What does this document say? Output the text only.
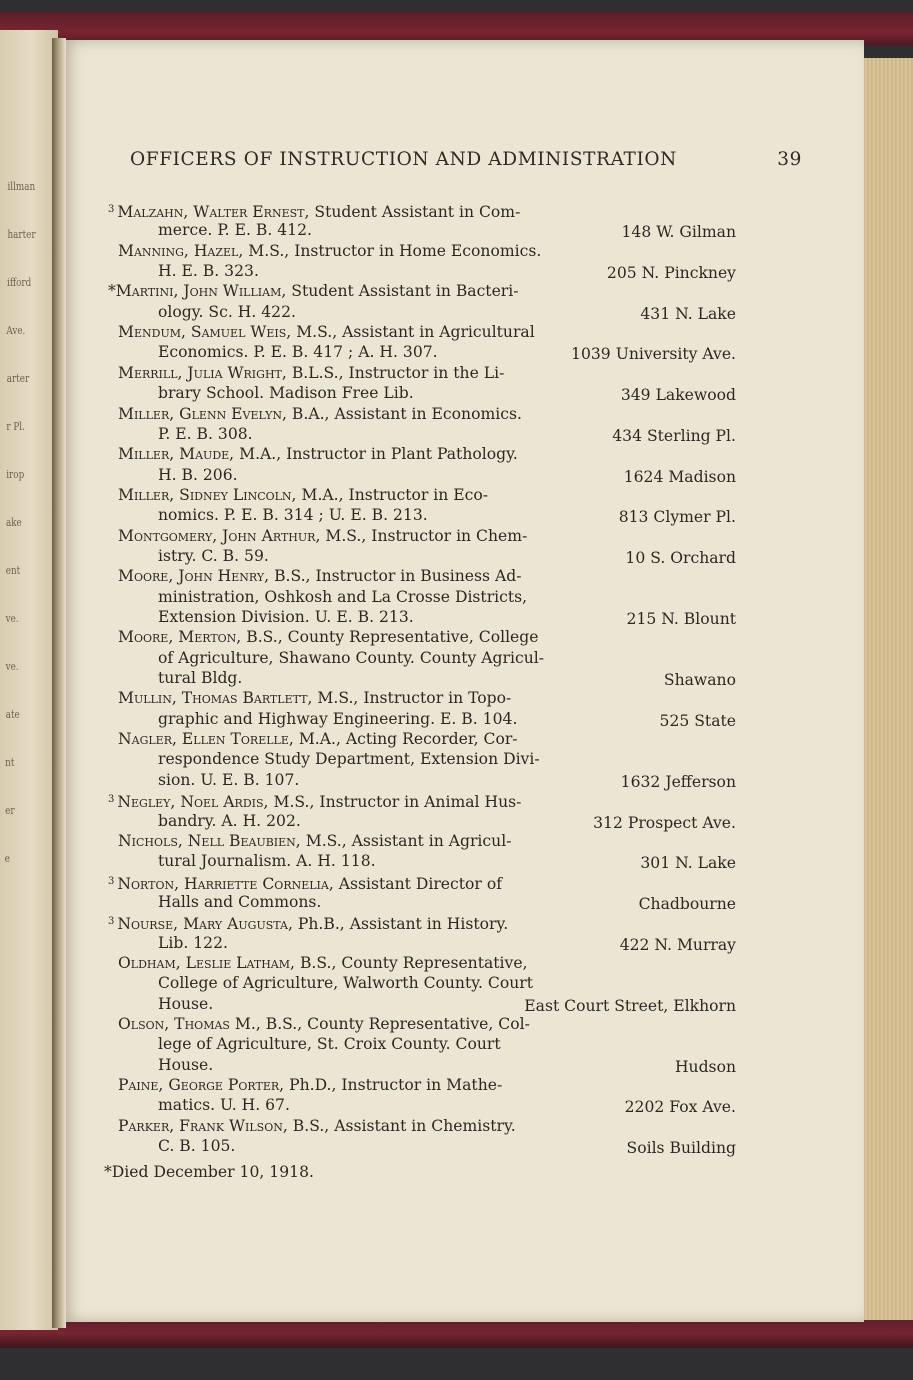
illman
harter
ifford
Ave.
arter
r Pl.
irop
ake
ent
ve.
ve.
ate
nt
er
e
OFFICERS OF INSTRUCTION AND ADMINISTRATION	39
$^3$ Malzahn, Walter Ernest, Student Assistant in Com-
merce. P. E. B. 412.	148 W. Gilman
Manning, Hazel, M.S., Instructor in Home Economics.
H. E. B. 323.	205 N. Pinckney
*Martini, John William, Student Assistant in Bacteri-
ology. Sc. H. 422.	431 N. Lake
Mendum, Samuel Weis, M.S., Assistant in Agricultural
Economics. P. E. B. 417 ; A. H. 307.	1039 University Ave.
Merrill, Julia Wright, B.L.S., Instructor in the Li-
brary School. Madison Free Lib.	349 Lakewood
Miller, Glenn Evelyn, B.A., Assistant in Economics.
P. E. B. 308.	434 Sterling Pl.
Miller, Maude, M.A., Instructor in Plant Pathology.
H. B. 206.	1624 Madison
Miller, Sidney Lincoln, M.A., Instructor in Eco-
nomics. P. E. B. 314 ; U. E. B. 213.	813 Clymer Pl.
Montgomery, John Arthur, M.S., Instructor in Chem-
istry. C. B. 59.	10 S. Orchard
Moore, John Henry, B.S., Instructor in Business Ad-
ministration, Oshkosh and La Crosse Districts,
Extension Division. U. E. B. 213.	215 N. Blount
Moore, Merton, B.S., County Representative, College
of Agriculture, Shawano County. County Agricul-
tural Bldg.	Shawano
Mullin, Thomas Bartlett, M.S., Instructor in Topo-
graphic and Highway Engineering. E. B. 104.	525 State
Nagler, Ellen Torelle, M.A., Acting Recorder, Cor-
respondence Study Department, Extension Divi-
sion. U. E. B. 107.	1632 Jefferson
$^3$ Negley, Noel Ardis, M.S., Instructor in Animal Hus-
bandry. A. H. 202.	312 Prospect Ave.
Nichols, Nell Beaubien, M.S., Assistant in Agricul-
tural Journalism. A. H. 118.	301 N. Lake
$^3$ Norton, Harriette Cornelia, Assistant Director of
Halls and Commons.	Chadbourne
$^3$ Nourse, Mary Augusta, Ph.B., Assistant in History.
Lib. 122.	422 N. Murray
Oldham, Leslie Latham, B.S., County Representative,
College of Agriculture, Walworth County. Court
House.	East Court Street, Elkhorn
Olson, Thomas M., B.S., County Representative, Col-
lege of Agriculture, St. Croix County. Court
House.	Hudson
Paine, George Porter, Ph.D., Instructor in Mathe-
matics. U. H. 67.	2202 Fox Ave.
Parker, Frank Wilson, B.S., Assistant in Chemistry.
C. B. 105.	Soils Building
*Died December 10, 1918.
